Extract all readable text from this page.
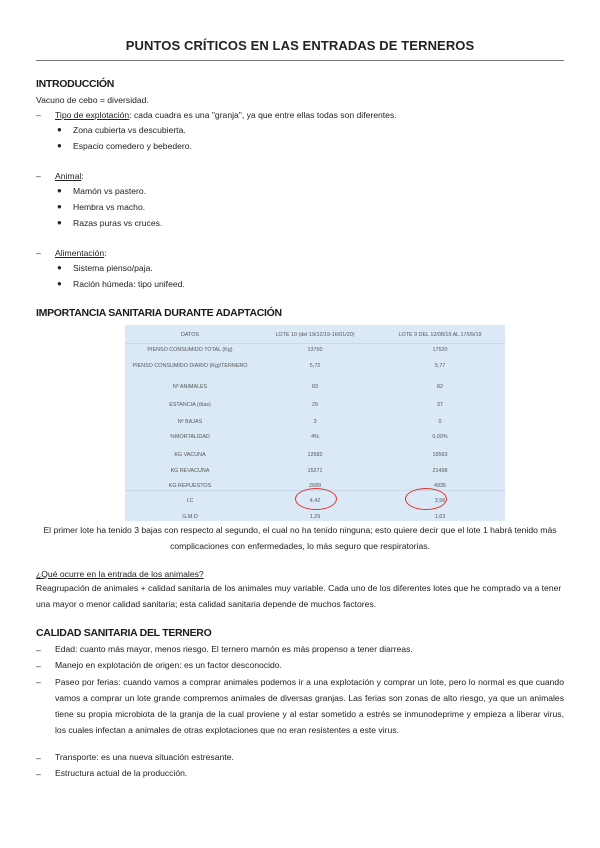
PUNTOS CRÍTICOS EN LAS ENTRADAS DE TERNEROS
INTRODUCCIÓN
Vacuno de cebo = diversidad.
– Tipo de explotación: cada cuadra es una "granja", ya que entre ellas todas son diferentes.
● Zona cubierta vs descubierta.
● Espacio comedero y bebedero.
– Animal:
● Mamón vs pastero.
● Hembra vs macho.
● Razas puras vs cruces.
– Alimentación:
● Sistema pienso/paja.
● Ración húmeda: tipo unifeed.
IMPORTANCIA SANITARIA DURANTE ADAPTACIÓN
DATOS	LOTE 10 (del 19/12/19-16/01/20)	LOTE 9 DEL 12/08/19 AL 17/09/19
PIENSO CONSUMIDO TOTAL (Kg)	13760	17520
PIENSO CONSUMIDO DIARIO (Kg)/TERNERO	5,72	5,77
Nº ANIMALES	83	82
ESTANCIA (días)	29	37
Nº BAJAS	3	0
%MORTALIDAD	4%	0,00%
KG VACUNA	12582	16563
KG REVACUNA	15271	21498
KG REPUESTOS	2689	4935
I.C	4,42	3,56
G.M.D	1,29	1,63
El primer lote ha tenido 3 bajas con respecto al segundo, el cual no ha tenido ninguna; esto quiere decir que el lote 1 habrá tenido más complicaciones con enfermedades, lo más seguro que respiratorias.
¿Qué ocurre en la entrada de los animales?
Reagrupación de animales + calidad sanitaria de los animales muy variable. Cada uno de los diferentes lotes que he comprado va a tener una mayor o menor calidad sanitaria; esta calidad sanitaria depende de muchos factores.
CALIDAD SANITARIA DEL TERNERO
– Edad: cuanto más mayor, menos riesgo. El ternero mamón es más propenso a tener diarreas.
– Manejo en explotación de origen: es un factor desconocido.
– Paseo por ferias: cuando vamos a comprar animales podemos ir a una explotación y comprar un lote, pero lo normal es que cuando vamos a comprar un lote grande compremos animales de diversas granjas. Las ferias son zonas de alto riesgo, ya que un animales tiene su propia microbiota de la granja de la cual proviene y al estar sometido a estrés se inmunodeprime y empieza a liberar virus, los cuales infectan a animales de otras explotaciones que no eran resistentes a este virus.
– Transporte: es una nueva situación estresante.
– Estructura actual de la producción.
